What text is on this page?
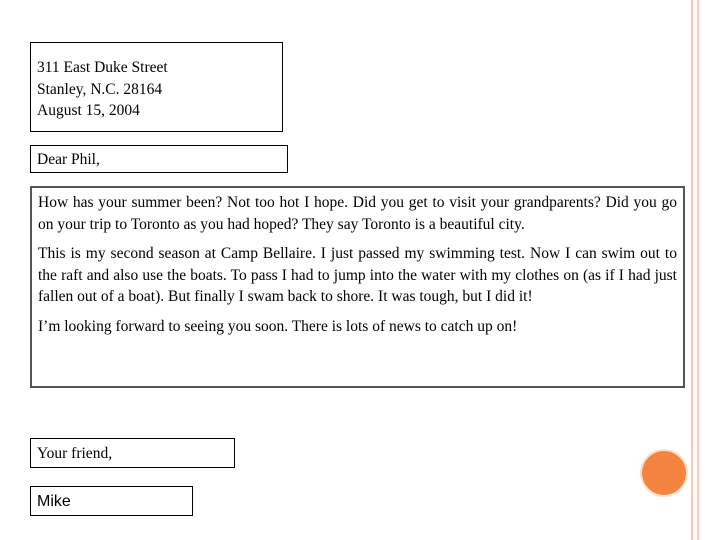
311 East Duke Street
Stanley, N.C. 28164
August 15, 2004
Dear Phil,

How has your summer been? Not too hot I hope. Did you get to visit your grandparents? Did you go on your trip to Toronto as you had hoped? They say Toronto is a beautiful city.

This is my second season at Camp Bellaire. I just passed my swimming test. Now I can swim out to the raft and also use the boats. To pass I had to jump into the water with my clothes on (as if I had just fallen out of a boat). But finally I swam back to shore. It was tough, but I did it!

I’m looking forward to seeing you soon. There is lots of news to catch up on!

Your friend,
Mike
